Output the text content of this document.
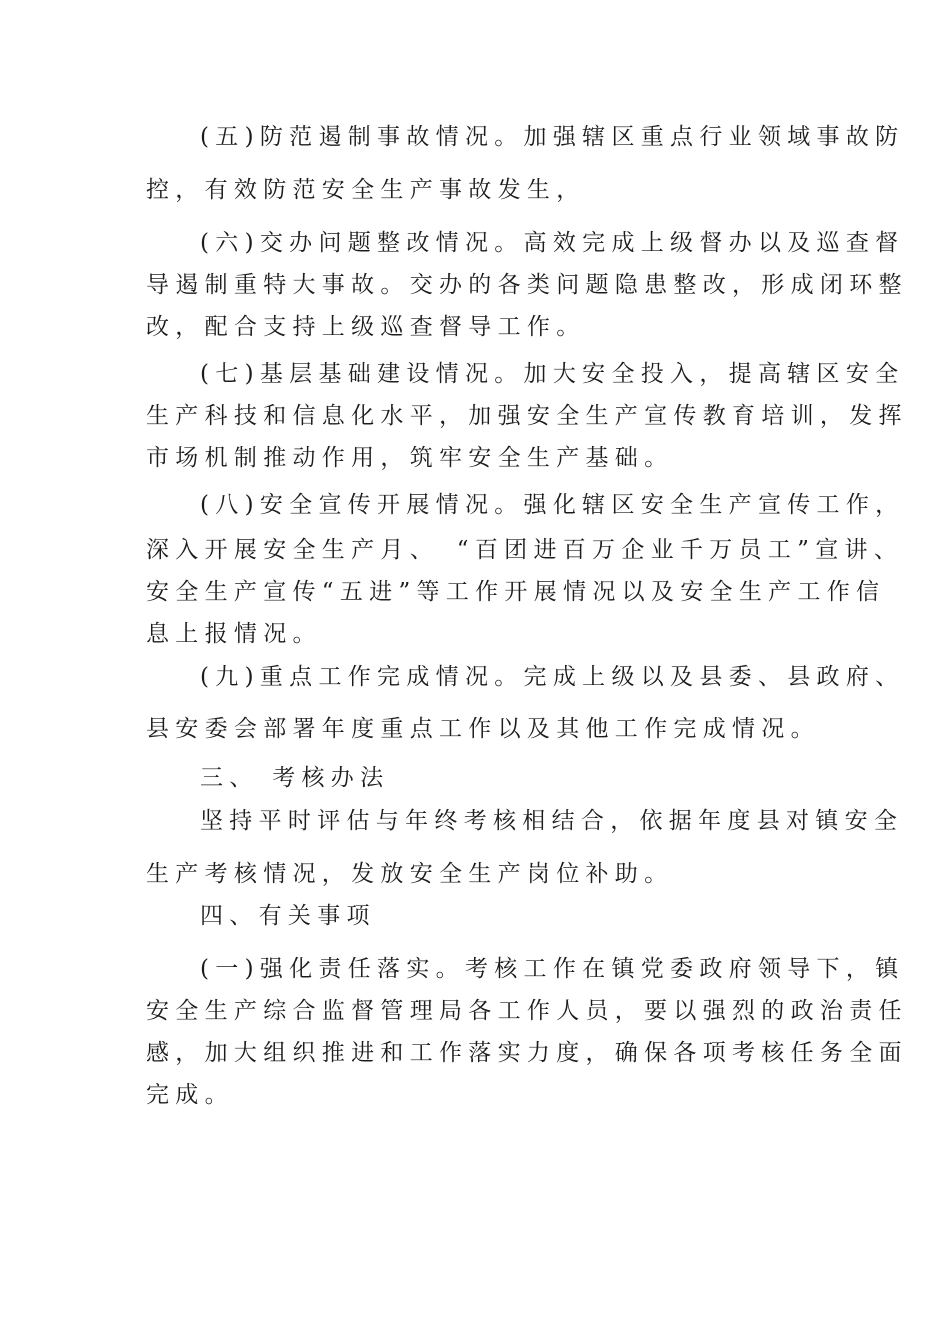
(五)防范遏制事故情况。加强辖区重点行业领域事故防
控，有效防范安全生产事故发生，
(六)交办问题整改情况。高效完成上级督办以及巡查督
导遏制重特大事故。交办的各类问题隐患整改，形成闭环整
改，配合支持上级巡查督导工作。
(七)基层基础建设情况。加大安全投入，提高辖区安全
生产科技和信息化水平，加强安全生产宣传教育培训，发挥
市场机制推动作用，筑牢安全生产基础。
(八)安全宣传开展情况。强化辖区安全生产宣传工作，
深入开展安全生产月、　“百团进百万企业千万员工”宣讲、
安全生产宣传“五进”等工作开展情况以及安全生产工作信
息上报情况。
(九)重点工作完成情况。完成上级以及县委、县政府、
县安委会部署年度重点工作以及其他工作完成情况。
三、 考核办法
坚持平时评估与年终考核相结合，依据年度县对镇安全
生产考核情况，发放安全生产岗位补助。
四、有关事项
(一)强化责任落实。考核工作在镇党委政府领导下，镇
安全生产综合监督管理局各工作人员，要以强烈的政治责任
感，加大组织推进和工作落实力度，确保各项考核任务全面
完成。
